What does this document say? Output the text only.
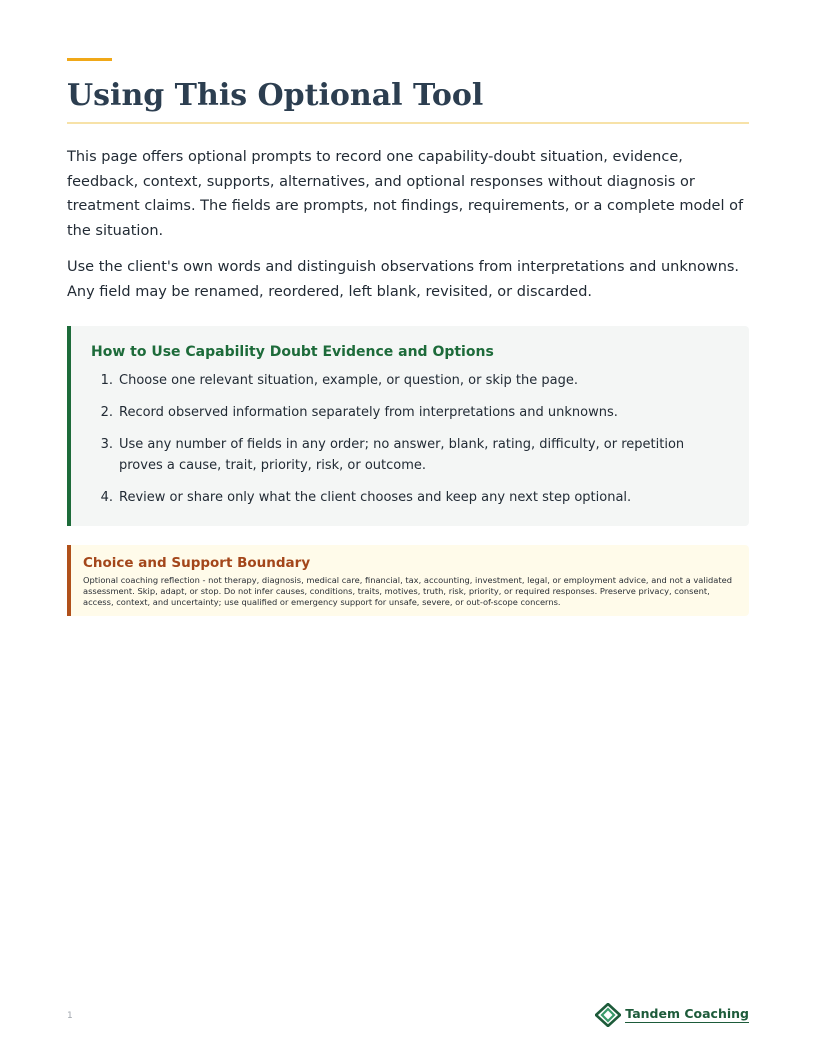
Using This Optional Tool

This page offers optional prompts to record one capability-doubt situation, evidence, feedback, context, supports, alternatives, and optional responses without diagnosis or treatment claims. The fields are prompts, not findings, requirements, or a complete model of the situation.

Use the client's own words and distinguish observations from interpretations and unknowns. Any field may be renamed, reordered, left blank, revisited, or discarded.

How to Use Capability Doubt Evidence and Options
1. Choose one relevant situation, example, or question, or skip the page.
2. Record observed information separately from interpretations and unknowns.
3. Use any number of fields in any order; no answer, blank, rating, difficulty, or repetition proves a cause, trait, priority, risk, or outcome.
4. Review or share only what the client chooses and keep any next step optional.
Choice and Support Boundary

Optional coaching reflection - not therapy, diagnosis, medical care, financial, tax, accounting, investment, legal, or employment advice, and not a validated assessment. Skip, adapt, or stop. Do not infer causes, conditions, traits, motives, truth, risk, priority, or required responses. Preserve privacy, consent, access, context, and uncertainty; use qualified or emergency support for unsafe, severe, or out-of-scope concerns.

1	Tandem Coaching
